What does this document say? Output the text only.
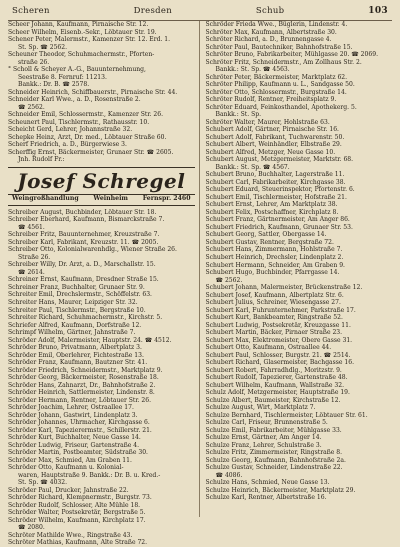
Scheren	Dresden	Schub	103
Scheer Johann, Kaufmann, Pirnaische Str. 12.
Scheer Wilhelm, Eisenb.-Sekr., Löbtauer Str. 19.
Schener Peter, Malermstr., Kamenzer Str. 12. Erd. 1.
St. Sp. ☎ 2562.
Scheuner Theodor, Schuhmachermstr., Pforten-
straße 26.
° Scholl & Scheyer A.-G., Bauunternehmung,
Seestraße 8. Fernruf: 11213.
Bankk.: Dr. B. ☎ 2578.
Schneider Heinrich, Schiffbauerstr., Pirnaische Str. 44.
Schneider Karl Wwe., a. D., Rosenstraße 2.
☎ 2562.
Schneider Emil, Schlossermstr., Kamenzer Str. 26.
Scheunert Paul, Tischlermstr., Rathausstr. 10.
Scheicht Gerd, Lehrer, Johannstraße 32.
Schepke Heinz, Arzt, Dr. med., Löbtauer Straße 60.
Scherf Friedrich, a. D., Bürgerwiese 3.
Scherffig Ernst, Bäckermeister, Grunaer Str. ☎ 2605.
Jnh. Rudolf Fr.:
Josef Schregel
Weingroßhandlung Weinheim Fernspr. 2460
Schreiber August, Buchbinder, Löbtauer Str. 18.
Schreiber Eberhard, Kaufmann, Bismarckstraße 7.
☎ 4561.
Schreiber Fritz, Bauunternehmer, Kreuzstraße 7.
Schreiber Karl, Fabrikant, Kreuzstr. 11. ☎ 2005.
Schreiber Otto, Kolonialwarenhdlg., Wiener Straße 26.
Straße 26.
Schreiber Willy, Dr. Arzt, a. D., Marschallstr. 15.
☎ 2614.
Schreiner Ernst, Kaufmann, Dresdner Straße 15.
Schreiner Franz, Buchhalter, Grunaer Str. 9.
Schreiter Emil, Drechslermstr., Schöffelstr. 63.
Schreiter Hans, Maurer, Leipziger Str. 32.
Schreiter Paul, Tischlermstr., Bergstraße 10.
Schreiter Richard, Schuhmachermstr., Kirchstr. 5.
Schriefer Alfred, Kaufmann, Dorfstraße 12.
Schrimpf Wilhelm, Gärtner, Jahnstraße 7.
Schröder Adolf, Malermeister, Hauptstr. 24. ☎ 4512.
Schröder Bruno, Privatmann, Albertplatz 3.
Schröder Emil, Oberlehrer, Fichtestraße 13.
Schröder Franz, Kaufmann, Bautzner Str. 41.
Schröder Friedrich, Schneidermstr., Marktplatz 9.
Schröder Georg, Bäckermeister, Rosenstraße 18.
Schröder Hans, Zahnarzt, Dr., Bahnhofstraße 2.
Schröder Heinrich, Sattlermeister, Lindenstr. 8.
Schröder Hermann, Rentner, Löbtauer Str. 26.
Schröder Joachim, Lehrer, Ostraallee 17.
Schröder Johann, Gastwirt, Lindenplatz 3.
Schröder Johannes, Uhrmacher, Kirchgasse 6.
Schröder Karl, Tapezierermstr., Schillerstr. 21.
Schröder Kurt, Buchhalter, Neue Gasse 14.
Schröder Ludwig, Friseur, Gartenstraße 4.
Schröder Martin, Postbeamter, Südstraße 30.
Schröder Max, Schmied, Am Graben 11.
Schröder Otto, Kaufmann u. Kolonial-
waren, Hauptstraße 9. Bankk.: Dr. B. u. Kred.-
St. Sp. ☎ 4032.
Schröder Paul, Drucker, Jahnstraße 22.
Schröder Richard, Klempnermstr., Burgstr. 73.
Schröder Rudolf, Schlosser, Alte Mühle 18.
Schröder Walter, Postsekretär, Bergstraße 5.
Schröder Wilhelm, Kaufmann, Kirchplatz 17.
☎ 2080.
Schröter Mathilde Wwe., Ringstraße 43.
Schröter Mathias, Kaufmann, Alte Straße 72.
Schröder Frieda Wwe., Büglerin, Lindenstr. 4.
Schröter Max, Kaufmann, Albertstraße 30.
Schröter Richard, a. D., Brunnengasse 4.
Schröter Paul, Bautechniker, Bahnhofstraße 15.
Schröter Bruno, Fabrikarbeiter, Mühlgasse 20. ☎ 2069.
Schröter Fritz, Schneidermstr., Am Zollhaus Str. 2.
Bankk.: St. Sp. ☎ 4563.
Schröter Peter, Bäckermeister, Marktplatz 62.
Schröter Philipp, Kaufmann u. L., Sandgasse 50.
Schröter Otto, Schlossermstr., Burgstraße 14.
Schröter Rudolf, Rentner, Freiheitsplatz 9.
Schröter Eduard, Feinkosthandel, Apothekerg. 5.
Bankk.: St. Sp.
Schröter Walter, Maurer, Hohlstraße 63.
Schubert Adolf, Gärtner, Pirnaische Str. 16.
Schubert Adolf, Fabrikant, Tuchwarenstr. 50.
Schubert Albert, Weinhändler, Elbstraße 29.
Schubert Alfred, Metzger, Neue Gasse 10.
Schubert August, Metzgermeister, Marktstr. 68.
Bankk.: St. Sp. ☎ 4567.
Schubert Bruno, Buchhalter, Lagerstraße 11.
Schubert Carl, Fabrikarbeiter, Kirchgasse 38.
Schubert Eduard, Steuerinspektor, Pfortenstr. 6.
Schubert Emil, Tischlermeister, Hofstraße 21.
Schubert Ernst, Lehrer, Am Marktplatz 38.
Schubert Felix, Postschaffner, Kirchplatz 8.
Schubert Franz, Gärtnermeister, Am Anger 86.
Schubert Friedrich, Kaufmann, Grunaer Str. 53.
Schubert Georg, Sattler, Obergasse 14.
Schubert Gustav, Rentner, Bergstraße 72.
Schubert Hans, Zimmermann, Hohlstraße 7.
Schubert Heinrich, Drechsler, Lindenplatz 2.
Schubert Hermann, Schneider, Am Graben 9.
Schubert Hugo, Buchbinder, Pfarrgasse 14.
☎ 2562.
Schubert Johann, Malermeister, Brückenstraße 12.
Schubert Josef, Kaufmann, Albertplatz Str. 6.
Schubert Julius, Schreiner, Wiesengasse 27.
Schubert Karl, Fuhrunternehmer, Parkstraße 17.
Schubert Kurt, Bankbeamter, Ringstraße 52.
Schubert Ludwig, Postsekretär, Kreuzgasse 11.
Schubert Martin, Bäcker, Pirnaer Straße 23.
Schubert Max, Elektromeister, Obere Gasse 31.
Schubert Otto, Kaufmann, Ostraallee 44.
Schubert Paul, Schlosser, Burgstr. 21. ☎ 2514.
Schubert Richard, Glasermeister, Bachgasse 16.
Schubert Robert, Fahrradhdlg., Moritzstr. 9.
Schubert Rudolf, Tapezierer, Gartenstraße 48.
Schubert Wilhelm, Kaufmann, Wallstraße 32.
Schulz Adolf, Metzgermeister, Hauptstraße 19.
Schulze Albert, Baumeister, Kirchstraße 12.
Schulze August, Wirt, Marktplatz 7.
Schulze Bernhard, Tischlermeister, Löbtauer Str. 61.
Schulze Carl, Friseur, Brunnenstraße 5.
Schulze Emil, Fabrikarbeiter, Mühlgasse 33.
Schulze Ernst, Gärtner, Am Anger 14.
Schulze Franz, Lehrer, Schulstraße 3.
Schulze Fritz, Zimmermeister, Ringstraße 8.
Schulze Georg, Kaufmann, Bahnhofstraße 2a.
Schulze Gustav, Schneider, Lindenstraße 22.
☎ 4086.
Schulze Hans, Schmied, Neue Gasse 13.
Schulze Heinrich, Bäckermeister, Marktplatz 29.
Schulze Karl, Rentner, Albertstraße 16.
